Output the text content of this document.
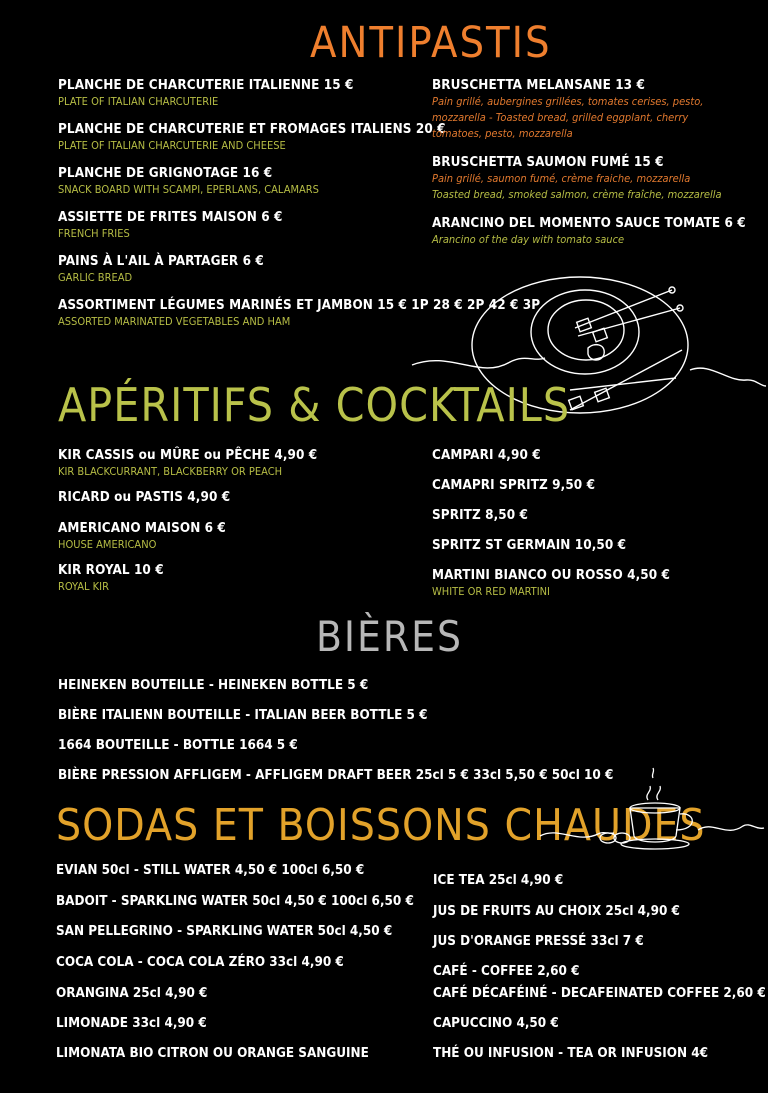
ANTIPASTIS
PLANCHE DE CHARCUTERIE ITALIENNE 15 €
PLATE OF ITALIAN CHARCUTERIE
PLANCHE DE CHARCUTERIE ET FROMAGES ITALIENS 20 €
PLATE OF ITALIAN CHARCUTERIE AND CHEESE
PLANCHE DE GRIGNOTAGE 16 €
SNACK BOARD WITH SCAMPI, EPERLANS, CALAMARS
ASSIETTE DE FRITES MAISON 6 €
FRENCH FRIES
PAINS À L'AIL À PARTAGER 6 €
GARLIC BREAD
ASSORTIMENT LÉGUMES MARINÉS ET JAMBON 15 € 1P 28 € 2P 42 € 3P
ASSORTED MARINATED VEGETABLES AND HAM
BRUSCHETTA MELANSANE 13 €
Pain grillé, aubergines grillées, tomates cerises, pesto, mozzarella - Toasted bread, grilled eggplant, cherry tomatoes, pesto, mozzarella
BRUSCHETTA SAUMON FUMÉ 15 €
Pain grillé, saumon fumé, crème fraiche, mozzarella
Toasted bread, smoked salmon, crème fraîche, mozzarella
ARANCINO DEL MOMENTO SAUCE TOMATE 6 €
Arancino of the day with tomato sauce
APÉRITIFS & COCKTAILS
KIR CASSIS ou MÛRE ou PÊCHE 4,90 €
KIR BLACKCURRANT, BLACKBERRY OR PEACH
RICARD ou PASTIS 4,90 €
AMERICANO MAISON 6 €
HOUSE AMERICANO
KIR ROYAL 10 €
ROYAL KIR
CAMPARI 4,90 €
CAMAPRI SPRITZ 9,50 €
SPRITZ 8,50 €
SPRITZ ST GERMAIN 10,50 €
MARTINI BIANCO OU ROSSO 4,50 €
WHITE OR RED MARTINI
BIÈRES
HEINEKEN BOUTEILLE - HEINEKEN BOTTLE 5 €
BIÈRE ITALIENN BOUTEILLE - ITALIAN BEER BOTTLE 5 €
1664 BOUTEILLE - BOTTLE 1664 5 €
BIÈRE PRESSION AFFLIGEM - AFFLIGEM DRAFT BEER 25cl 5 € 33cl 5,50 € 50cl 10 €
SODAS ET BOISSONS CHAUDES
EVIAN 50cl - STILL WATER 4,50 € 100cl 6,50 €
BADOIT - SPARKLING WATER 50cl 4,50 € 100cl 6,50 €
SAN PELLEGRINO - SPARKLING WATER 50cl 4,50 €
COCA COLA - COCA COLA ZÉRO 33cl 4,90 €
ORANGINA 25cl 4,90 €
LIMONADE 33cl 4,90 €
LIMONATA BIO CITRON OU ORANGE SANGUINE
ICE TEA 25cl 4,90 €
JUS DE FRUITS AU CHOIX 25cl 4,90 €
JUS D'ORANGE PRESSÉ 33cl 7 €
CAFÉ - COFFEE 2,60 €
CAFÉ DÉCAFÉINÉ - DECAFEINATED COFFEE 2,60 €
CAPUCCINO 4,50 €
THÉ OU INFUSION - TEA OR INFUSION 4€
